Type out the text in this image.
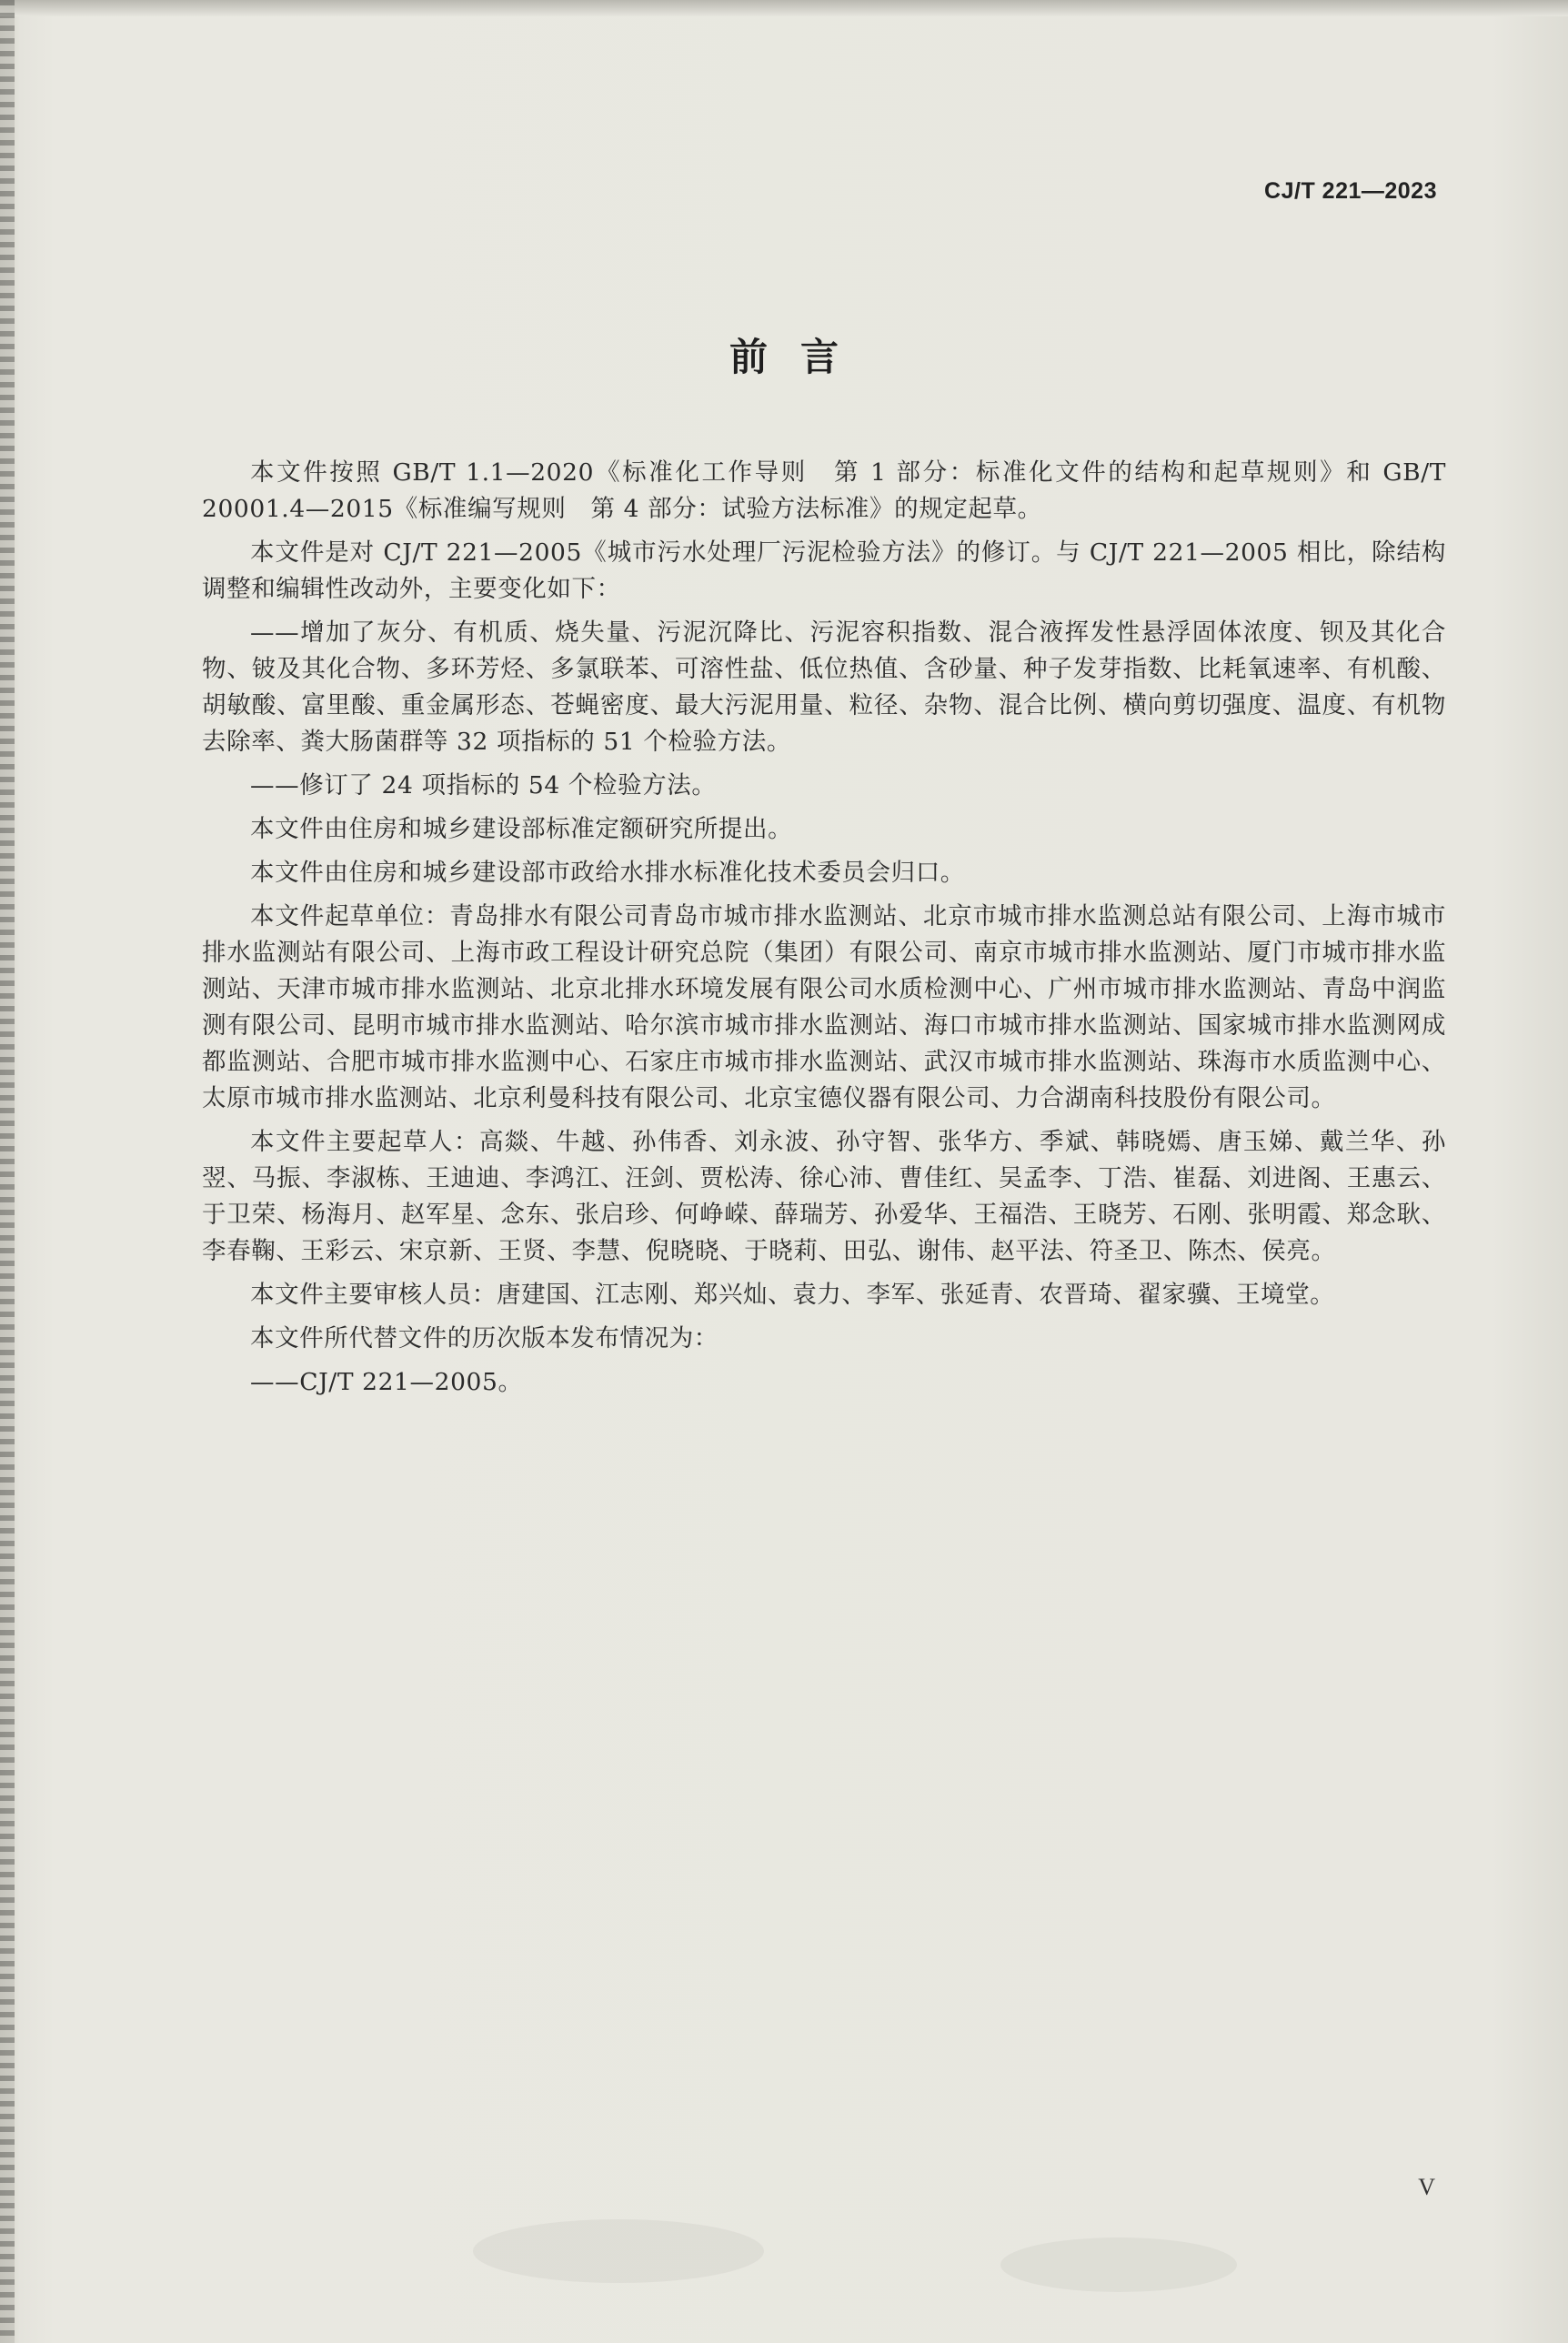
CJ/T 221—2023
前言

本文件按照 GB/T 1.1—2020《标准化工作导则　第 1 部分：标准化文件的结构和起草规则》和 GB/T 20001.4—2015《标准编写规则　第 4 部分：试验方法标准》的规定起草。

本文件是对 CJ/T 221—2005《城市污水处理厂污泥检验方法》的修订。与 CJ/T 221—2005 相比，除结构调整和编辑性改动外，主要变化如下：

——增加了灰分、有机质、烧失量、污泥沉降比、污泥容积指数、混合液挥发性悬浮固体浓度、钡及其化合物、铍及其化合物、多环芳烃、多氯联苯、可溶性盐、低位热值、含砂量、种子发芽指数、比耗氧速率、有机酸、胡敏酸、富里酸、重金属形态、苍蝇密度、最大污泥用量、粒径、杂物、混合比例、横向剪切强度、温度、有机物去除率、粪大肠菌群等 32 项指标的 51 个检验方法。

——修订了 24 项指标的 54 个检验方法。

本文件由住房和城乡建设部标准定额研究所提出。

本文件由住房和城乡建设部市政给水排水标准化技术委员会归口。

本文件起草单位：青岛排水有限公司青岛市城市排水监测站、北京市城市排水监测总站有限公司、上海市城市排水监测站有限公司、上海市政工程设计研究总院（集团）有限公司、南京市城市排水监测站、厦门市城市排水监测站、天津市城市排水监测站、北京北排水环境发展有限公司水质检测中心、广州市城市排水监测站、青岛中润监测有限公司、昆明市城市排水监测站、哈尔滨市城市排水监测站、海口市城市排水监测站、国家城市排水监测网成都监测站、合肥市城市排水监测中心、石家庄市城市排水监测站、武汉市城市排水监测站、珠海市水质监测中心、太原市城市排水监测站、北京利曼科技有限公司、北京宝德仪器有限公司、力合湖南科技股份有限公司。

本文件主要起草人：高燚、牛越、孙伟香、刘永波、孙守智、张华方、季斌、韩晓嫣、唐玉娣、戴兰华、孙翌、马振、李淑栋、王迪迪、李鸿江、汪剑、贾松涛、徐心沛、曹佳红、吴孟李、丁浩、崔磊、刘进阁、王惠云、于卫荣、杨海月、赵军星、念东、张启珍、何峥嵘、薛瑞芳、孙爱华、王福浩、王晓芳、石刚、张明霞、郑念耿、李春鞠、王彩云、宋京新、王贤、李慧、倪晓晓、于晓莉、田弘、谢伟、赵平法、符圣卫、陈杰、侯亮。

本文件主要审核人员：唐建国、江志刚、郑兴灿、袁力、李军、张延青、农晋琦、翟家骥、王境堂。

本文件所代替文件的历次版本发布情况为：

——CJ/T 221—2005。

V
